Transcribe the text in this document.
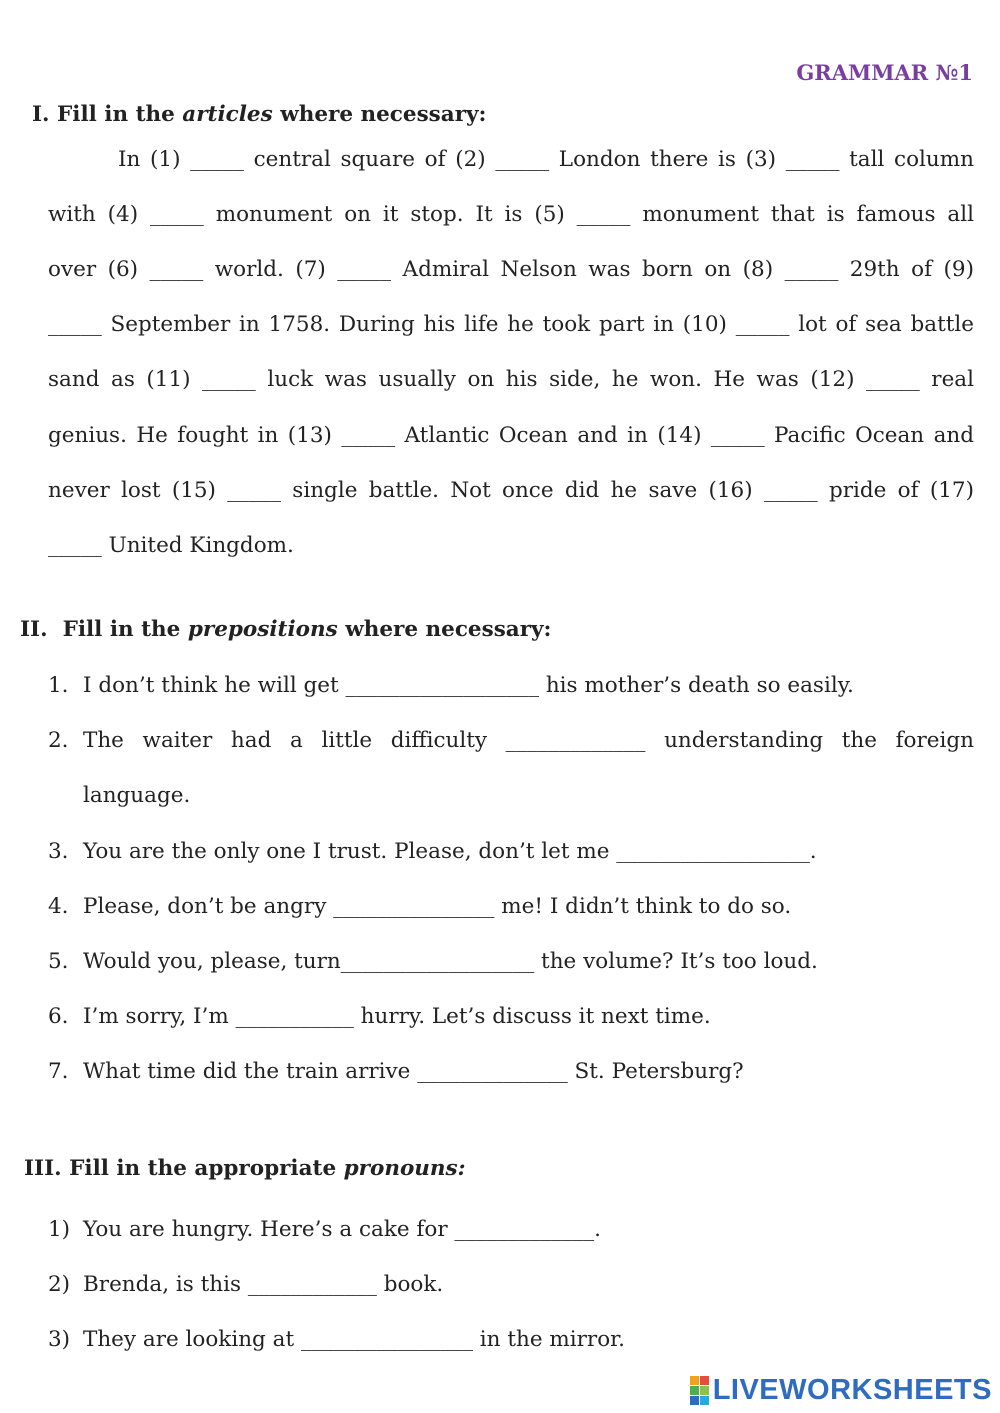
GRAMMAR №1
I. Fill in the articles where necessary:
In (1) _____ central square of (2) _____ London there is (3) _____ tall column
with (4) _____ monument on it stop. It is (5) _____ monument that is famous all
over (6) _____ world. (7) _____ Admiral Nelson was born on (8) _____ 29th of (9)
_____ September in 1758. During his life he took part in (10) _____ lot of sea battle
sand as (11) _____ luck was usually on his side, he won. He was (12) _____ real
genius. He fought in (13) _____ Atlantic Ocean and in (14) _____ Pacific Ocean and
never lost (15) _____ single battle. Not once did he save (16) _____ pride of (17)
_____ United Kingdom.
II.  Fill in the prepositions where necessary:
1. I don’t think he will get __________________ his mother’s death so easily.
2. The waiter had a little difficulty _____________ understanding the foreign
language.
3. You are the only one I trust. Please, don’t let me __________________.
4. Please, don’t be angry _______________ me! I didn’t think to do so.
5. Would you, please, turn__________________ the volume? It’s too loud.
6. I’m sorry, I’m ___________ hurry. Let’s discuss it next time.
7. What time did the train arrive ______________ St. Petersburg?
III. Fill in the appropriate pronouns:
1) You are hungry. Here’s a cake for _____________.
2) Brenda, is this ____________ book.
3) They are looking at ________________ in the mirror.
LIVEWORKSHEETS
